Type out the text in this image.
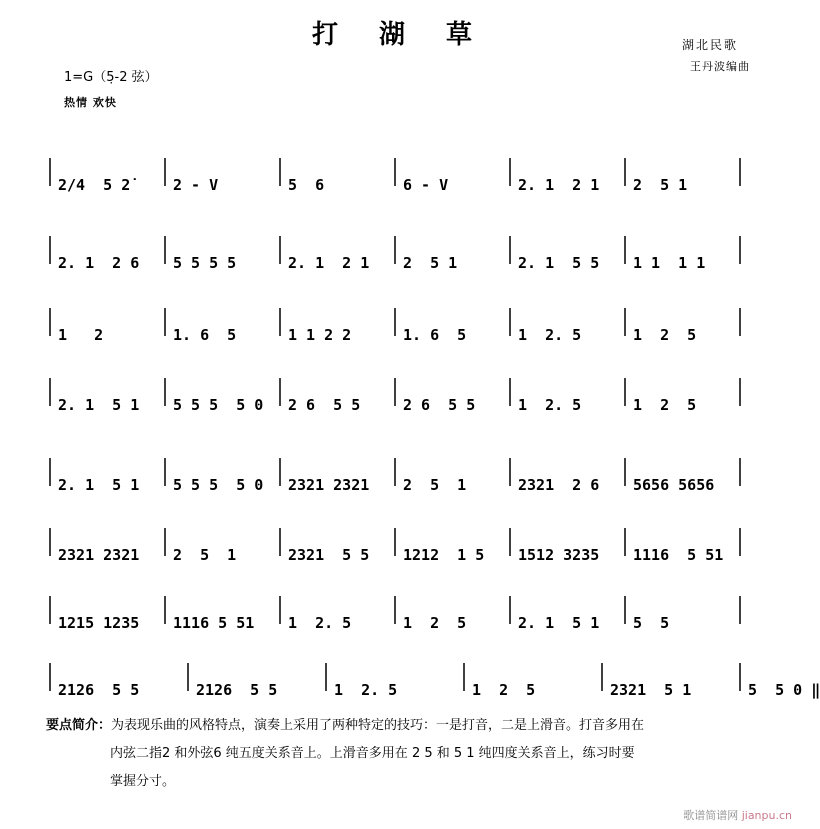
打 湖 草	湖北民歌
王丹波编曲
1=G（5̣-2 弦）
热情 欢快
2/4  5 2̇	2 - V	5  6	6 - V	2. 1  2 1 2  5 1
2. 1  2 6 5 5 5 5	2. 1  2 1 2  5 1	2. 1  5 5 1 1  1 1
1   2	1. 6  5	1 1 2 2	1. 6  5	1  2. 5	1  2  5
2. 1  5 1 5 5 5  5 0 2 6  5 5	2 6  5 5	1  2. 5	1  2  5
2. 1  5 1 5 5 5  5 0 2321 2321 2  5  1	2321  2 6 5656 5656
2321 2321 2  5  1	2321  5 5 1212  1 5 1512 3235 1116  5 51
1215 1235 1116 5 51 1  2. 5	1  2  5	2. 1  5 1 5  5
2126  5 5	2126  5 5	1  2. 5	1  2  5	2321  5 1	5  5 0 ‖
要点简介：为表现乐曲的风格特点，演奏上采用了两种特定的技巧：一是打音，二是上滑音。打音多用在
内弦二指2 和外弦6 纯五度关系音上。上滑音多用在 2 5 和 5 1 纯四度关系音上，练习时要
掌握分寸。
歌谱简谱网 jianpu.cn
